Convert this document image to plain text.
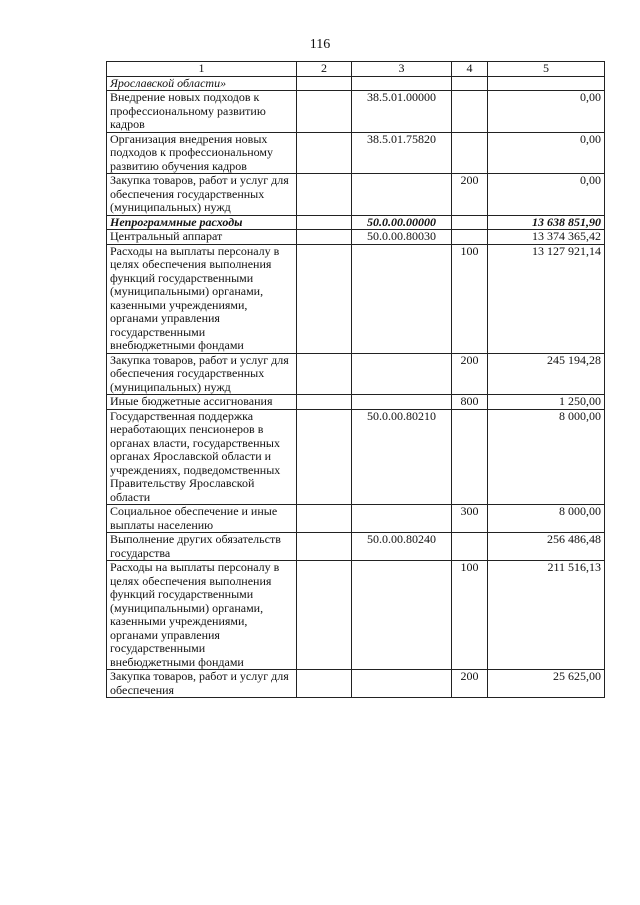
116
1	2	3	4	5
Ярославской области»				
Внедрение новых подходов к профессиональному развитию кадров		38.5.01.00000		0,00
Организация внедрения новых подходов к профессиональному развитию обучения кадров		38.5.01.75820		0,00
Закупка товаров, работ и услуг для обеспечения государственных (муниципальных) нужд			200	0,00
Непрограммные расходы		50.0.00.00000		13 638 851,90
Центральный аппарат		50.0.00.80030		13 374 365,42
Расходы на выплаты персоналу в целях обеспечения выполнения функций государственными (муниципальными) органами, казенными учреждениями, органами управления государственными внебюджетными фондами			100	13 127 921,14
Закупка товаров, работ и услуг для обеспечения государственных (муниципальных) нужд			200	245 194,28
Иные бюджетные ассигнования			800	1 250,00
Государственная поддержка неработающих пенсионеров в органах власти, государственных органах Ярославской области и учреждениях, подведомственных Правительству Ярославской области		50.0.00.80210		8 000,00
Социальное обеспечение и иные выплаты населению			300	8 000,00
Выполнение других обязательств государства		50.0.00.80240		256 486,48
Расходы на выплаты персоналу в целях обеспечения выполнения функций государственными (муниципальными) органами, казенными учреждениями, органами управления государственными внебюджетными фондами			100	211 516,13
Закупка товаров, работ и услуг для обеспечения			200	25 625,00
